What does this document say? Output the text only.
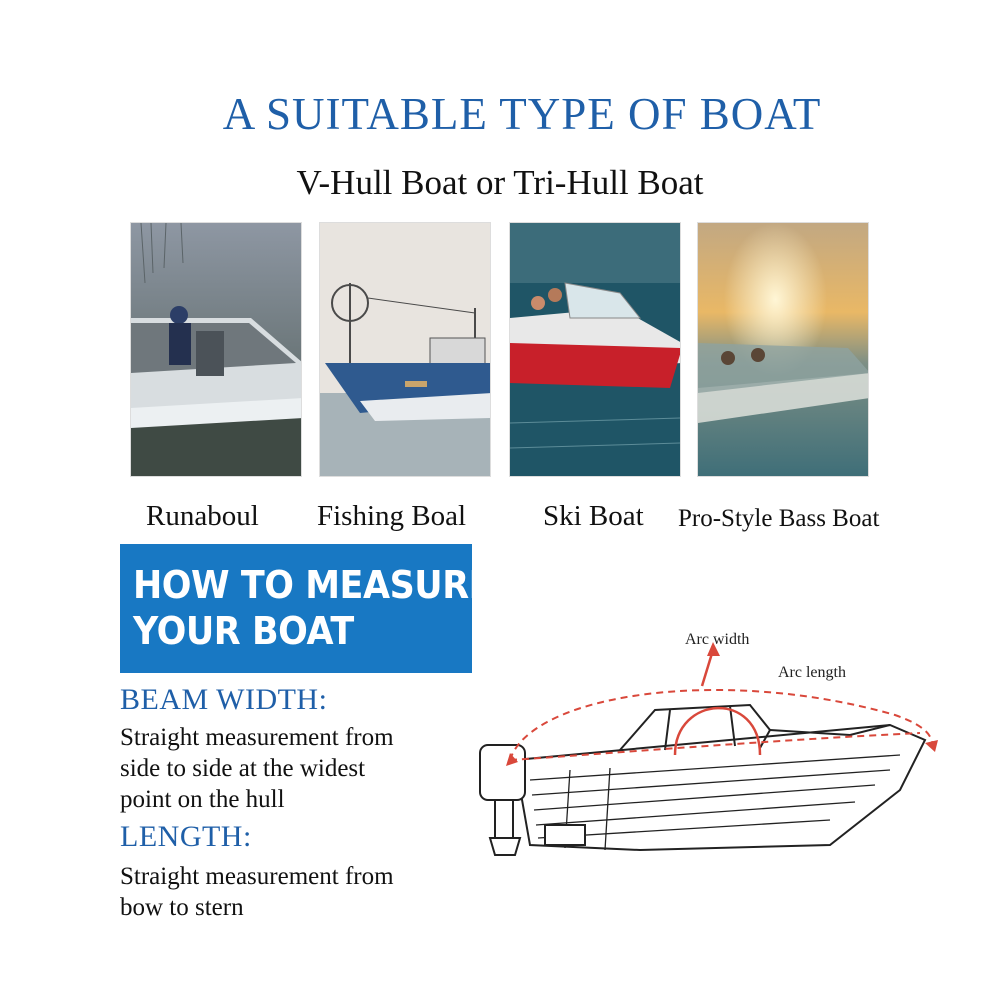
A SUITABLE TYPE OF BOAT
V-Hull Boat or Tri-Hull Boat
Runaboul Fishing Boal	Ski Boat Pro-Style Bass Boat
HOW TO MEASURE
YOUR BOAT
BEAM WIDTH:
Straight measurement from
side to side at the widest
point on the hull
LENGTH:
Straight measurement from
bow to stern
Arc width
Arc length
